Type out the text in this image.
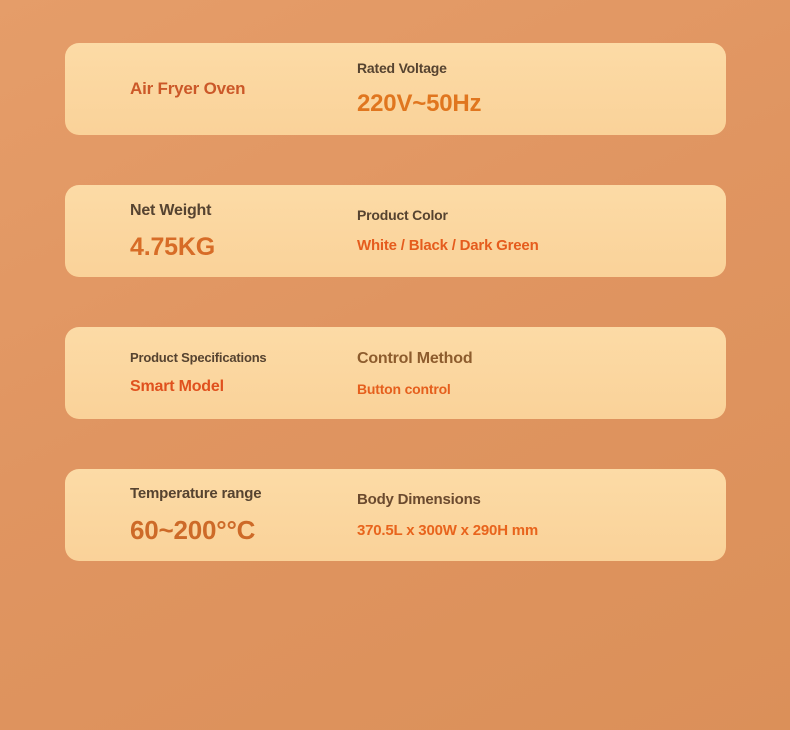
Air Fryer Oven
Rated Voltage
220V~50Hz
Net Weight
4.75KG
Product Color
White / Black / Dark Green
Product Specifications
Smart Model
Control Method
Button control
Temperature range
60~200°°C
Body Dimensions
370.5L x 300W x 290H mm
